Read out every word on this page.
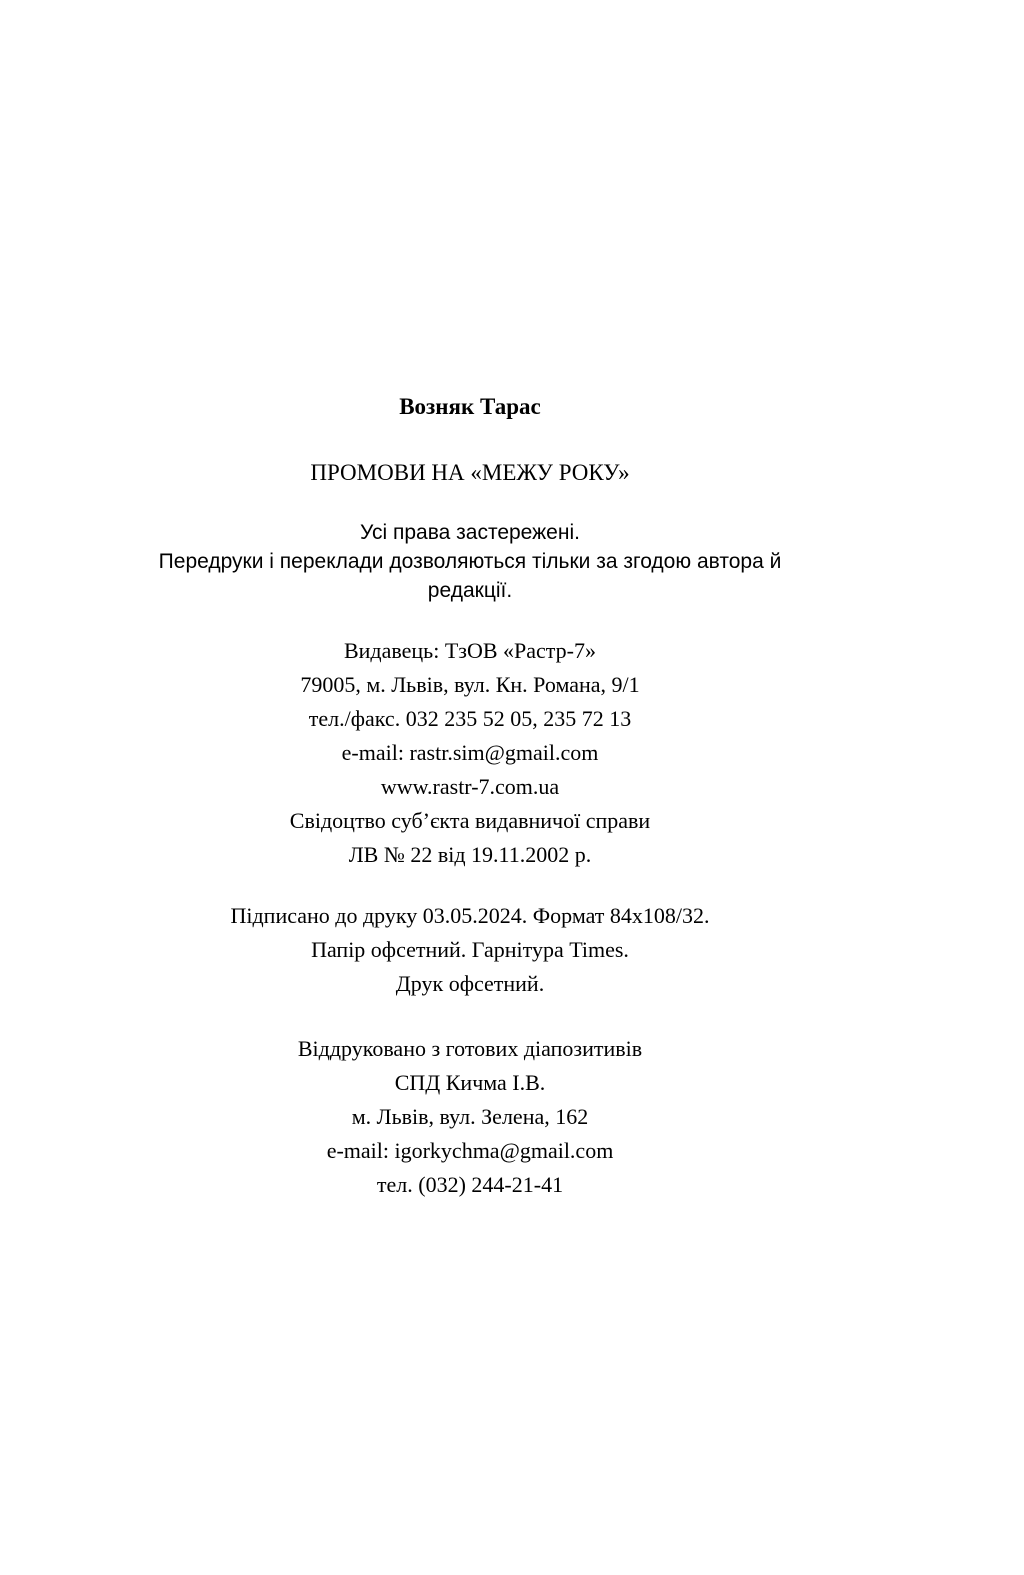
Возняк Тарас
ПРОМОВИ НА «МЕЖУ РОКУ»
Усі права застережені.
Передруки і переклади дозволяються тільки за згодою автора й
редакції.
Видавець: ТзОВ «Растр-7»
79005, м. Львів, вул. Кн. Романа, 9/1
тел./факс. 032 235 52 05, 235 72 13
e-mail: rastr.sim@gmail.com
www.rastr-7.com.ua
Свідоцтво суб’єкта видавничої справи
ЛВ № 22 від 19.11.2002 р.
Підписано до друку 03.05.2024. Формат 84x108/32.
Папір офсетний. Гарнітура Times.
Друк офсетний.
Віддруковано з готових діапозитивів
СПД Кичма І.В.
м. Львів, вул. Зелена, 162
e-mail: igorkychma@gmail.com
тел. (032) 244-21-41
